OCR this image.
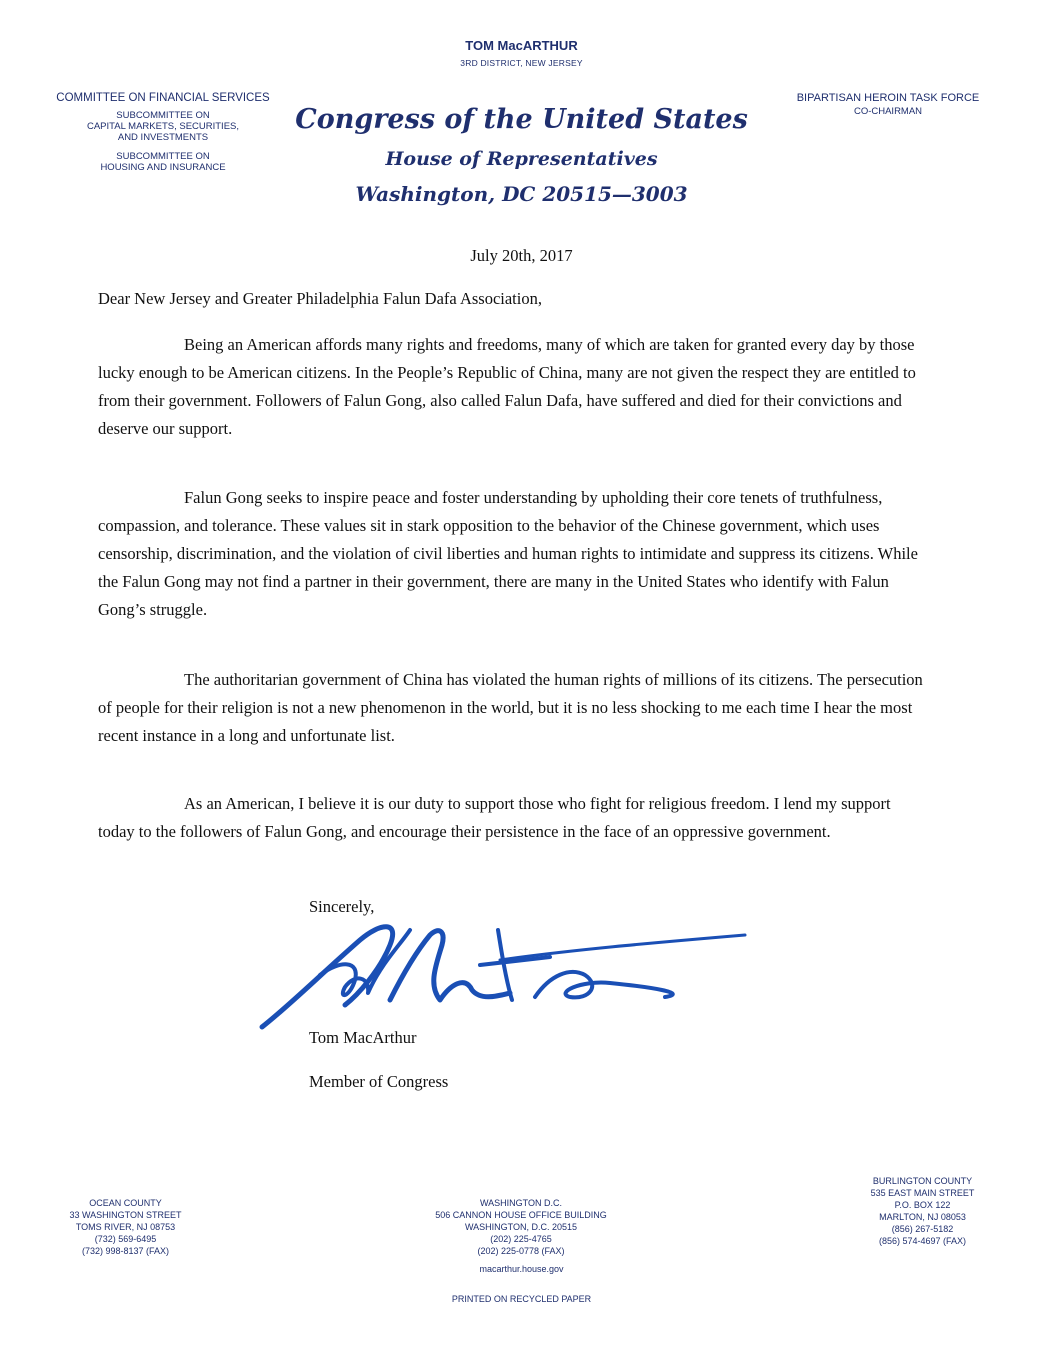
TOM MacARTHUR
3RD DISTRICT, NEW JERSEY
COMMITTEE ON FINANCIAL SERVICES
SUBCOMMITTEE ON
CAPITAL MARKETS, SECURITIES,
AND INVESTMENTS
SUBCOMMITTEE ON
HOUSING AND INSURANCE
BIPARTISAN HEROIN TASK FORCE
CO-CHAIRMAN
Congress of the United States
House of Representatives
Washington, DC 20515—3003
July 20th, 2017
Dear New Jersey and Greater Philadelphia Falun Dafa Association,
Being an American affords many rights and freedoms, many of which are taken for granted every day by those lucky enough to be American citizens. In the People’s Republic of China, many are not given the respect they are entitled to from their government. Followers of Falun Gong, also called Falun Dafa, have suffered and died for their convictions and deserve our support.
Falun Gong seeks to inspire peace and foster understanding by upholding their core tenets of truthfulness, compassion, and tolerance. These values sit in stark opposition to the behavior of the Chinese government, which uses censorship, discrimination, and the violation of civil liberties and human rights to intimidate and suppress its citizens. While the Falun Gong may not find a partner in their government, there are many in the United States who identify with Falun Gong’s struggle.
The authoritarian government of China has violated the human rights of millions of its citizens. The persecution of people for their religion is not a new phenomenon in the world, but it is no less shocking to me each time I hear the most recent instance in a long and unfortunate list.
As an American, I believe it is our duty to support those who fight for religious freedom. I lend my support today to the followers of Falun Gong, and encourage their persistence in the face of an oppressive government.
Sincerely,
Tom MacArthur
Member of Congress
OCEAN COUNTY
33 WASHINGTON STREET
TOMS RIVER, NJ 08753
(732) 569-6495
(732) 998-8137 (FAX)
WASHINGTON D.C.
506 CANNON HOUSE OFFICE BUILDING
WASHINGTON, D.C. 20515
(202) 225-4765
(202) 225-0778 (FAX)
BURLINGTON COUNTY
535 EAST MAIN STREET
P.O. BOX 122
MARLTON, NJ 08053
(856) 267-5182
(856) 574-4697 (FAX)
macarthur.house.gov
PRINTED ON RECYCLED PAPER
